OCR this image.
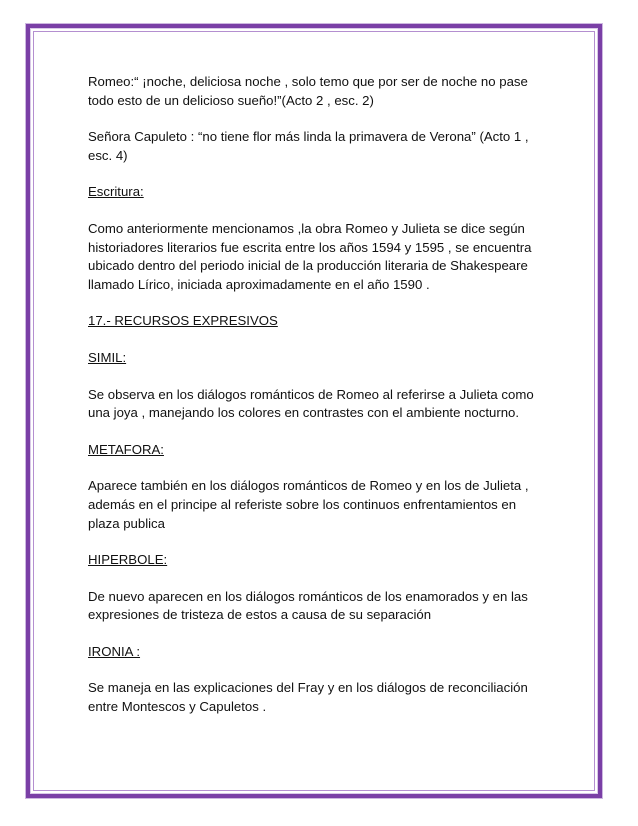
Romeo:“ ¡noche, deliciosa noche , solo temo que por ser de noche no pase
todo esto de un delicioso sueño!”(Acto 2 , esc. 2)
Señora Capuleto : “no tiene flor más linda la primavera de Verona” (Acto 1 ,
esc. 4)
Escritura:
Como anteriormente mencionamos ,la obra Romeo y Julieta se dice según
historiadores literarios fue escrita entre los años 1594 y 1595 , se encuentra
ubicado dentro del periodo inicial de la producción literaria de Shakespeare
llamado Lírico, iniciada aproximadamente en el año 1590 .
17.- RECURSOS EXPRESIVOS
SIMIL:
Se observa en los diálogos románticos de Romeo al referirse a Julieta como
una joya , manejando los colores en contrastes con el ambiente nocturno.
METAFORA:
Aparece también en los diálogos románticos de Romeo y en los de Julieta ,
además en el principe al referiste sobre los continuos enfrentamientos en
plaza publica
HIPERBOLE:
De nuevo aparecen en los diálogos románticos de los enamorados y en las
expresiones de tristeza de estos a causa de su separación
IRONIA :
Se maneja en las explicaciones del Fray y en los diálogos de reconciliación
entre Montescos y Capuletos .
